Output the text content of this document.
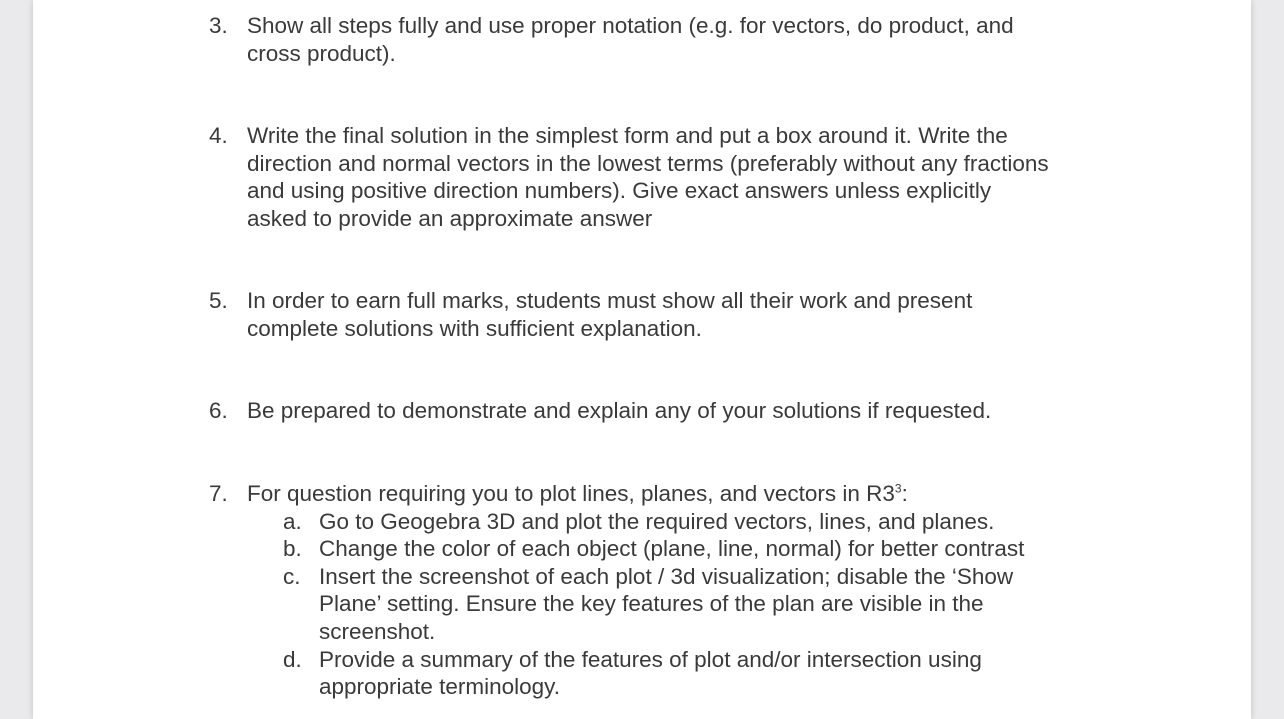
3. Show all steps fully and use proper notation (e.g. for vectors, do product, and
cross product).
4. Write the final solution in the simplest form and put a box around it. Write the
direction and normal vectors in the lowest terms (preferably without any fractions
and using positive direction numbers). Give exact answers unless explicitly
asked to provide an approximate answer
5. In order to earn full marks, students must show all their work and present
complete solutions with sufficient explanation.
6. Be prepared to demonstrate and explain any of your solutions if requested.
7. For question requiring you to plot lines, planes, and vectors in $R3^3$:
a. Go to Geogebra 3D and plot the required vectors, lines, and planes.
b. Change the color of each object (plane, line, normal) for better contrast
c. Insert the screenshot of each plot / 3d visualization; disable the ‘Show
Plane’ setting. Ensure the key features of the plan are visible in the
screenshot.
d. Provide a summary of the features of plot and/or intersection using
appropriate terminology.
